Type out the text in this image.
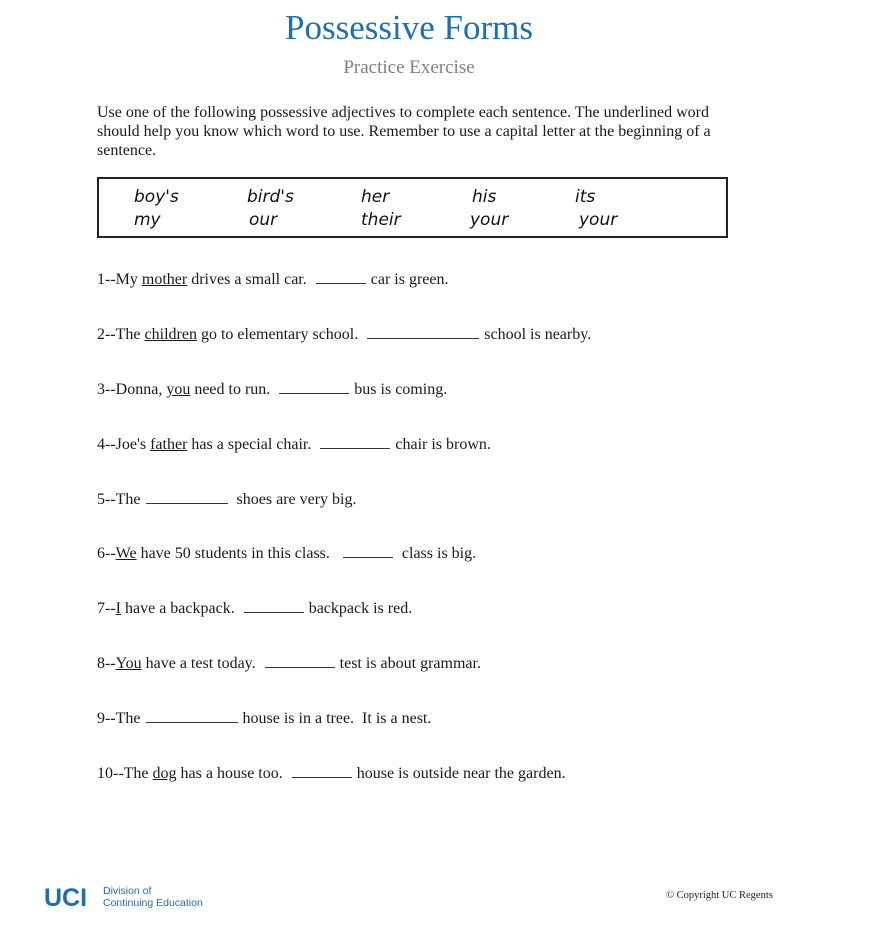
Possessive Forms
Practice Exercise

Use one of the following possessive adjectives to complete each sentence. The underlined word should help you know which word to use. Remember to use a capital letter at the beginning of a sentence.

boy's	bird's	her	his	its
my	our	their	your	your

1--My mother drives a small car.	car is green.

2--The children go to elementary school.	school is nearby.

3--Donna, you need to run.	bus is coming.

4--Joe's father has a special chair.	chair is brown.

5--The	shoes are very big.

6--We have 50 students in this class.	class is big.

7--I have a backpack.	backpack is red.

8--You have a test today.	test is about grammar.

9--The	house is in a tree.  It is a nest.

10--The dog has a house too.	house is outside near the garden.

UCI Division of
Continuing Education
© Copyright UC Regents
